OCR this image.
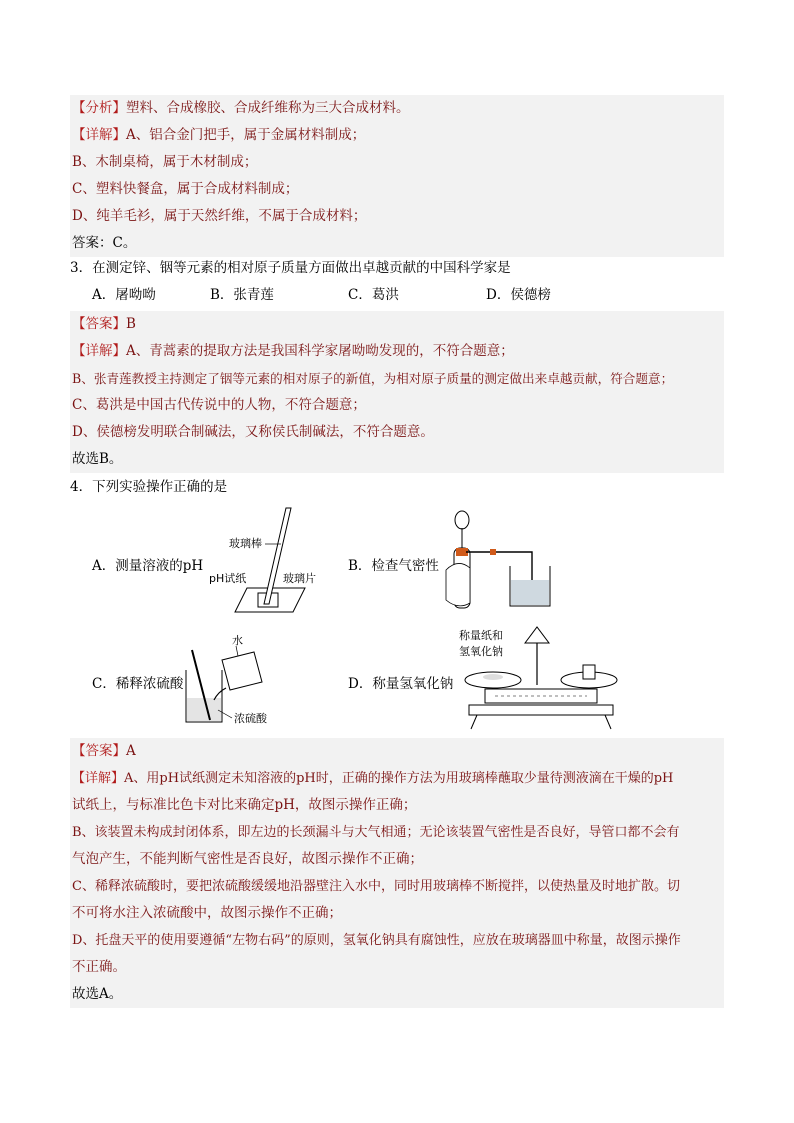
【分析】塑料、合成橡胶、合成纤维称为三大合成材料。
【详解】A、铝合金门把手，属于金属材料制成；
B、木制桌椅，属于木材制成；
C、塑料快餐盒，属于合成材料制成；
D、纯羊毛衫，属于天然纤维，不属于合成材料；
答案：C。
3．在测定锌、铟等元素的相对原子质量方面做出卓越贡献的中国科学家是
A．屠呦呦	B．张青莲	C．葛洪	D．侯德榜
【答案】B
【详解】A、青蒿素的提取方法是我国科学家屠呦呦发现的，不符合题意；
B、张青莲教授主持测定了铟等元素的相对原子的新值，为相对原子质量的测定做出来卓越贡献，符合题意；
C、葛洪是中国古代传说中的人物，不符合题意；
D、侯德榜发明联合制碱法，又称侯氏制碱法，不符合题意。
故选B。
4．下列实验操作正确的是
A．测量溶液的pH	B．检查气密性
C．稀释浓硫酸	D．称量氢氧化钠
玻璃棒
pH试纸	玻璃片
水
浓硫酸
称量纸和
氢氧化钠
【答案】A
【详解】A、用pH试纸测定未知溶液的pH时，正确的操作方法为用玻璃棒蘸取少量待测液滴在干燥的pH
试纸上，与标准比色卡对比来确定pH，故图示操作正确；
B、该装置未构成封闭体系，即左边的长颈漏斗与大气相通；无论该装置气密性是否良好，导管口都不会有
气泡产生，不能判断气密性是否良好，故图示操作不正确；
C、稀释浓硫酸时，要把浓硫酸缓缓地沿器壁注入水中，同时用玻璃棒不断搅拌，以使热量及时地扩散。切
不可将水注入浓硫酸中，故图示操作不正确；
D、托盘天平的使用要遵循“左物右码”的原则，氢氧化钠具有腐蚀性，应放在玻璃器皿中称量，故图示操作
不正确。
故选A。
